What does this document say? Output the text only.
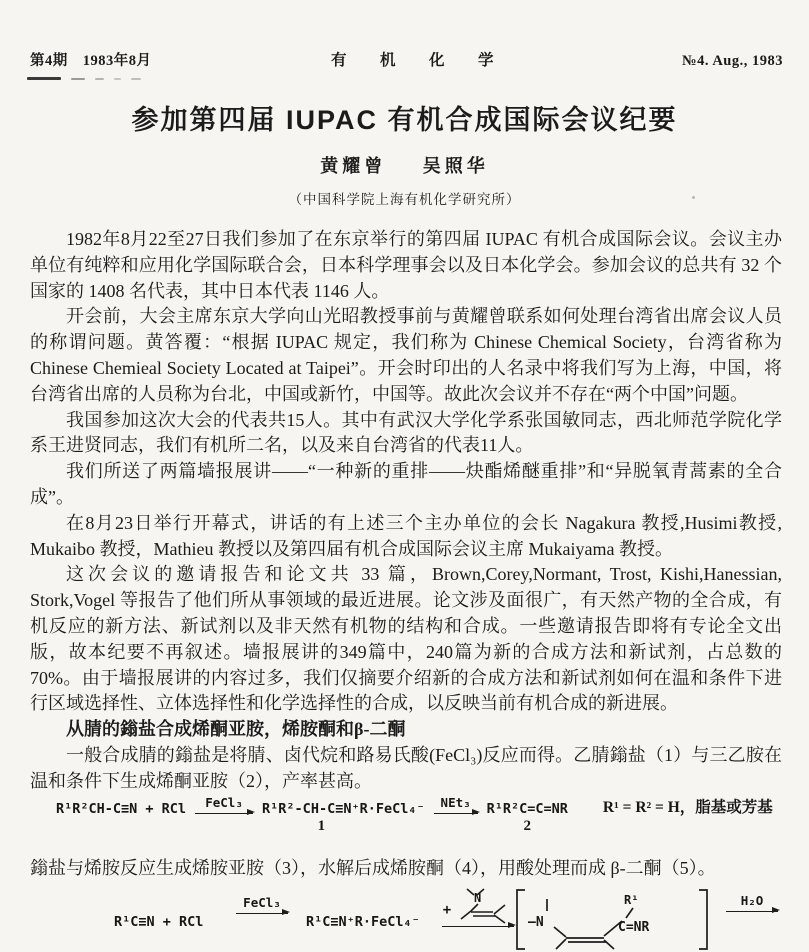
第4期　1983年8月	有　机　化　学	№4. Aug., 1983
参加第四届 IUPAC 有机合成国际会议纪要
黄耀曾 吴照华
（中国科学院上海有机化学研究所）

1982年8月22至27日我们参加了在东京举行的第四届 IUPAC 有机合成国际会议。会议主办单位有纯粹和应用化学国际联合会，日本科学理事会以及日本化学会。参加会议的总共有 32 个国家的 1408 名代表，其中日本代表 1146 人。

开会前，大会主席东京大学向山光昭教授事前与黄耀曾联系如何处理台湾省出席会议人员的称谓问题。黄答覆：“根据 IUPAC 规定，我们称为 Chinese Chemical Society，台湾省称为 Chinese Chemieal Society Located at Taipei”。开会时印出的人名录中将我们写为上海，中国，将台湾省出席的人员称为台北，中国或新竹，中国等。故此次会议并不存在“两个中国”问题。

我国参加这次大会的代表共15人。其中有武汉大学化学系张国敏同志，西北师范学院化学系王进贤同志，我们有机所二名，以及来自台湾省的代表11人。

我们所送了两篇墙报展讲——“一种新的重排——炔酯烯醚重排”和“异脱氧青蒿素的全合成”。

在8月23日举行开幕式，讲话的有上述三个主办单位的会长 Nagakura 教授,Husimi教授, Mukaibo 教授，Mathieu 教授以及第四届有机合成国际会议主席 Mukaiyama 教授。

这次会议的邀请报告和论文共 33 篇，Brown,Corey,Normant, Trost, Kishi,Hanessian, Stork,Vogel 等报告了他们所从事领域的最近进展。论文涉及面很广，有天然产物的全合成，有机反应的新方法、新试剂以及非天然有机物的结构和合成。一些邀请报告即将有专论全文出版，故本纪要不再叙述。墙报展讲的349篇中，240篇为新的合成方法和新试剂，占总数的70%。由于墙报展讲的内容过多，我们仅摘要介绍新的合成方法和新试剂如何在温和条件下进行区域选择性、立体选择性和化学选择性的合成，以反映当前有机合成的新进展。

从腈的鎓盐合成烯酮亚胺，烯胺酮和β-二酮

一般合成腈的鎓盐是将腈、卤代烷和路易氏酸(FeCl₃)反应而得。乙腈鎓盐（1）与三乙胺在温和条件下生成烯酮亚胺（2），产率甚高。

R¹R²CH-C≡N + RCl FeCl₃ R¹R²-CH-C≡N⁺R·FeCl₄⁻
1
NEt₃ R¹R²C=C=NR
2
R¹ = R² = H，脂基或芳基

鎓盐与烯胺反应生成烯胺亚胺（3），水解后成烯胺酮（4），用酸处理而成 β-二酮（5）。

R¹C≡N + RCl
FeCl₃
R¹C≡N⁺R·FeCl₄⁻
+
N
—N
R¹
C=NR
H₂O
